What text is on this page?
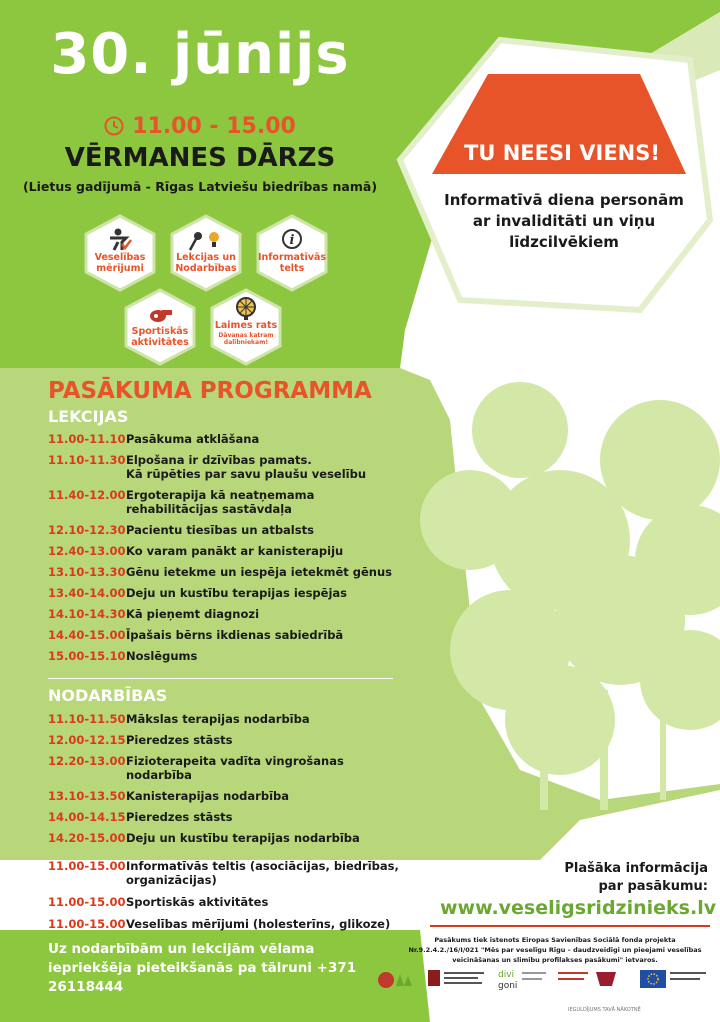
30. jūnijs
11.00 - 15.00
VĒRMANES DĀRZS
(Lietus gadījumā - Rīgas Latviešu biedrības namā)
Veselības mērījumi
Lekcijas un Nodarbības
i
Informatīvās telts
Sportiskās aktivitātes
Laimes rats
Dāvanas katram dalībniekam!
TU NEESI VIENS!
Informatīvā diena personām ar invaliditāti un viņu līdzcilvēkiem
PASĀKUMA PROGRAMMA
LEKCIJAS
11.00-11.10 Pasākuma atklāšana
11.10-11.30 Elpošana ir dzīvības pamats.
Kā rūpēties par savu plaušu veselību
11.40-12.00 Ergoterapija kā neatņemama
rehabilitācijas sastāvdaļa
12.10-12.30 Pacientu tiesības un atbalsts
12.40-13.00 Ko varam panākt ar kanisterapiju
13.10-13.30 Gēnu ietekme un iespēja ietekmēt gēnus
13.40-14.00 Deju un kustību terapijas iespējas
14.10-14.30 Kā pieņemt diagnozi
14.40-15.00 Īpašais bērns ikdienas sabiedrībā
15.00-15.10 Noslēgums
NODARBĪBAS
11.10-11.50 Mākslas terapijas nodarbība
12.00-12.15 Pieredzes stāsts
12.20-13.00 Fizioterapeita vadīta vingrošanas nodarbība
13.10-13.50 Kanisterapijas nodarbība
14.00-14.15 Pieredzes stāsts
14.20-15.00 Deju un kustību terapijas nodarbība
11.00-15.00 Informatīvās teltis (asociācijas, biedrības, organizācijas)
11.00-15.00 Sportiskās aktivitātes
11.00-15.00 Veselības mērījumi (holesterīns, glikoze)
Plašāka informācija par pasākumu:
www.veseligsridzinieks.lv
Pasākums tiek īstenots Eiropas Savienības Sociālā fonda projekta Nr.9.2.4.2./16/I/021 "Mēs par veselīgu Rīgu – daudzveidīgi un pieejami veselības veicināšanas un slimību profilakses pasākumi" ietvaros.
Uz nodarbībām un lekcijām vēlama iepriekšēja pieteikšanās pa tālruni +371 26118444
divi
goni
IEGULDĪJUMS TAVĀ NĀKOTNĒ
